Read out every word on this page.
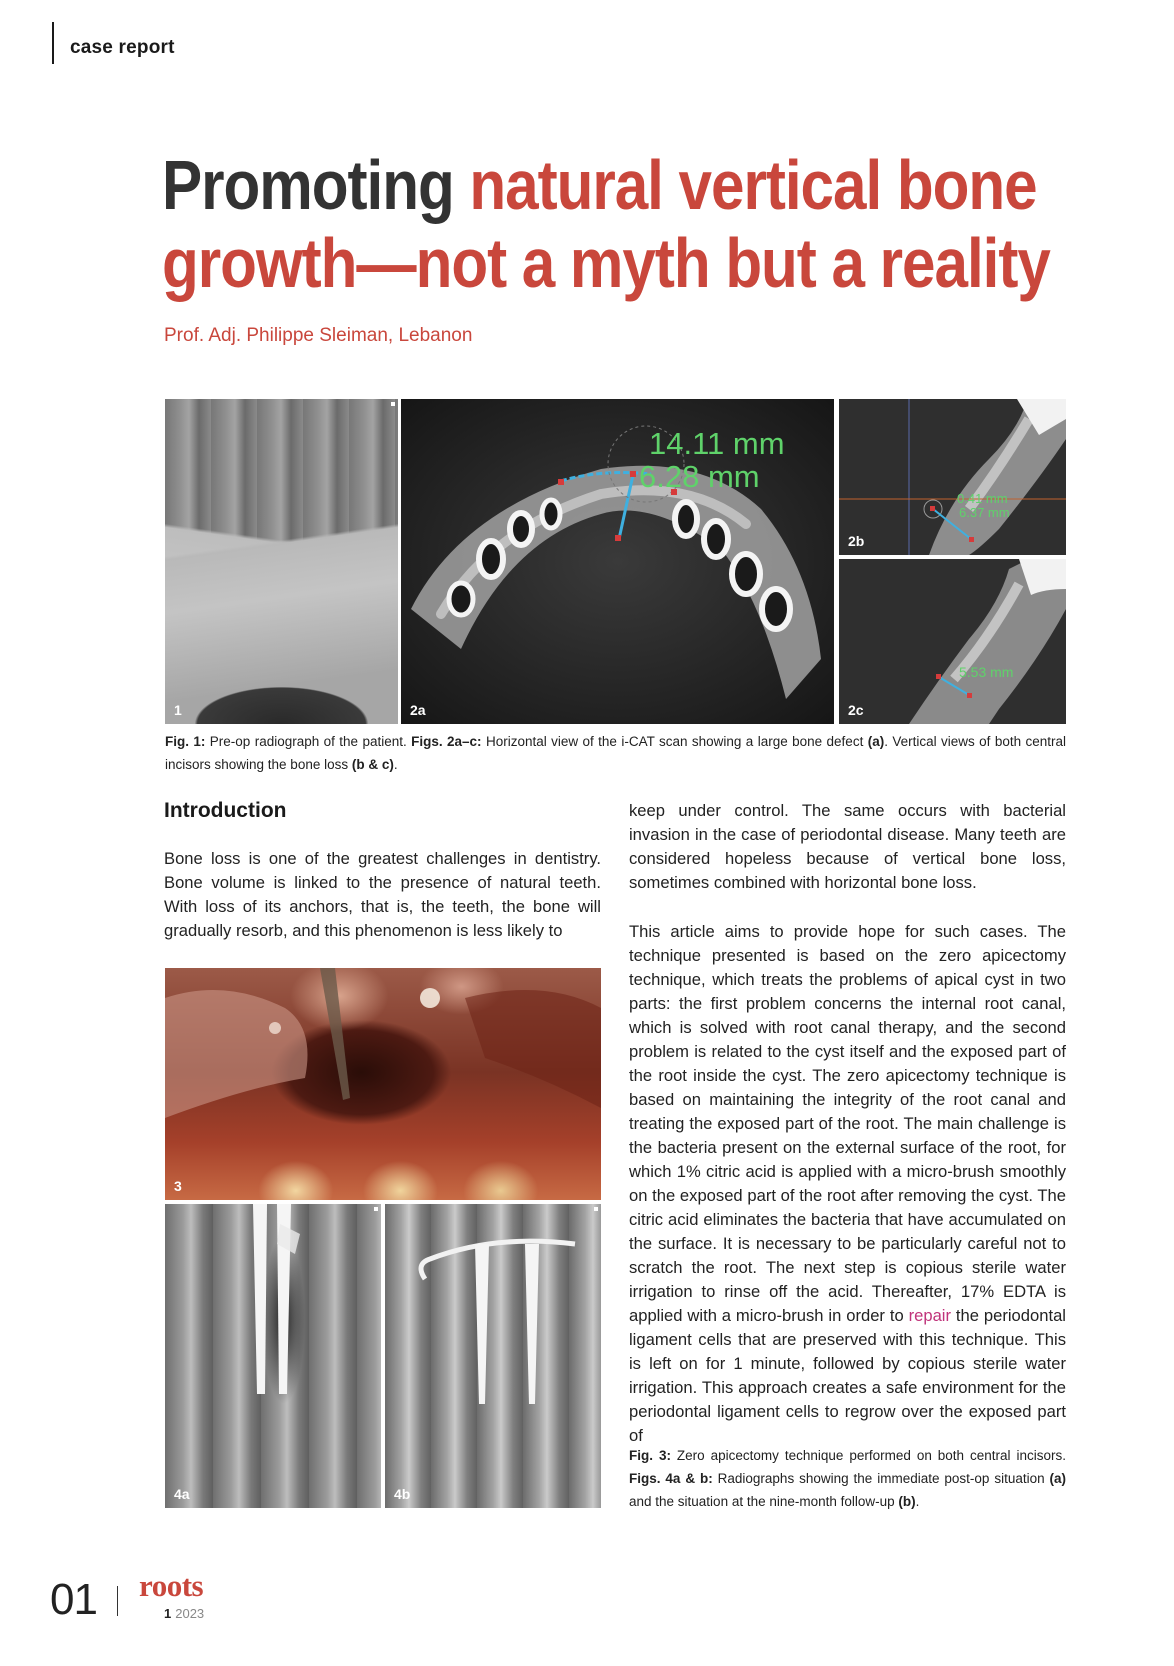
case report
Promoting natural vertical bone growth—not a myth but a reality
Prof. Adj. Philippe Sleiman, Lebanon
1
14.11 mm
6.28 mm
2a
0.41 mm
6.37 mm
2b
5.53 mm
2c
Fig. 1: Pre-op radiograph of the patient. Figs. 2a–c: Horizontal view of the i-CAT scan showing a large bone defect (a). Vertical views of both central incisors showing the bone loss (b & c).
Introduction

Bone loss is one of the greatest challenges in dentistry. Bone volume is linked to the presence of natural teeth. With loss of its anchors, that is, the teeth, the bone will gradually resorb, and this phenomenon is less likely to

3
4a	4b

keep under control. The same occurs with bacterial invasion in the case of periodontal disease. Many teeth are considered hopeless because of vertical bone loss, sometimes combined with horizontal bone loss.

This article aims to provide hope for such cases. The technique presented is based on the zero apicectomy technique, which treats the problems of apical cyst in two parts: the first problem concerns the internal root canal, which is solved with root canal therapy, and the second problem is related to the cyst itself and the exposed part of the root inside the cyst. The zero apicectomy technique is based on maintaining the integrity of the root canal and treating the exposed part of the root. The main challenge is the bacteria present on the external surface of the root, for which 1% citric acid is applied with a micro-brush smoothly on the exposed part of the root after removing the cyst. The citric acid eliminates the bacteria that have accumulated on the surface. It is necessary to be particularly careful not to scratch the root. The next step is copious sterile water irrigation to rinse off the acid. Thereafter, 17% EDTA is applied with a micro-brush in order to repair the periodontal ligament cells that are preserved with this technique. This is left on for 1 minute, followed by copious sterile water irrigation. This approach creates a safe environment for the periodontal ligament cells to regrow over the exposed part of

Fig. 3: Zero apicectomy technique performed on both central incisors. Figs. 4a & b: Radiographs showing the immediate post-op situation (a) and the situation at the nine-month follow-up (b).
01 roots
1 2023
